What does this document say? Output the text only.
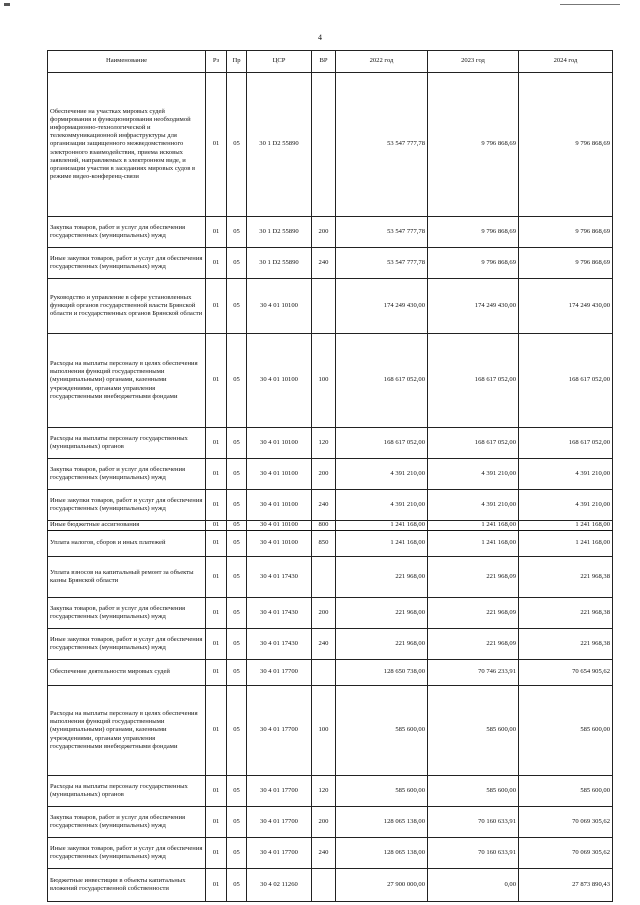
4
Наименование	Рз	Пр	ЦСР	ВР	2022 год	2023 год	2024 год
Обеспечение на участках мировых судей формирования и функционирования необходимой информационно-технологической и телекоммуникационной инфраструктуры для организации защищенного межведомственного электронного взаимодействия, приема исковых заявлений, направляемых в электронном виде, и организации участия в заседаниях мировых судов в режиме видео-конференц-связи	01	05	30 1 D2 55890		53 547 777,78	9 796 868,69	9 796 868,69
Закупка товаров, работ и услуг для обеспечения государственных (муниципальных) нужд	01	05	30 1 D2 55890	200	53 547 777,78	9 796 868,69	9 796 868,69
Иные закупки товаров, работ и услуг для обеспечения государственных (муниципальных) нужд	01	05	30 1 D2 55890	240	53 547 777,78	9 796 868,69	9 796 868,69
Руководство и управление в сфере установленных функций органов государственной власти Брянской области и государственных органов Брянской области	01	05	30 4 01 10100		174 249 430,00	174 249 430,00	174 249 430,00
Расходы на выплаты персоналу в целях обеспечения выполнения функций государственными (муниципальными) органами, казенными учреждениями, органами управления государственными внебюджетными фондами	01	05	30 4 01 10100	100	168 617 052,00	168 617 052,00	168 617 052,00
Расходы на выплаты персоналу государственных (муниципальных) органов	01	05	30 4 01 10100	120	168 617 052,00	168 617 052,00	168 617 052,00
Закупка товаров, работ и услуг для обеспечения государственных (муниципальных) нужд	01	05	30 4 01 10100	200	4 391 210,00	4 391 210,00	4 391 210,00
Иные закупки товаров, работ и услуг для обеспечения государственных (муниципальных) нужд	01	05	30 4 01 10100	240	4 391 210,00	4 391 210,00	4 391 210,00
Иные бюджетные ассигнования	01	05	30 4 01 10100	800	1 241 168,00	1 241 168,00	1 241 168,00
Уплата налогов, сборов и иных платежей	01	05	30 4 01 10100	850	1 241 168,00	1 241 168,00	1 241 168,00
Уплата взносов на капитальный ремонт за объекты казны Брянской области	01	05	30 4 01 17430		221 968,00	221 968,09	221 968,38
Закупка товаров, работ и услуг для обеспечения государственных (муниципальных) нужд	01	05	30 4 01 17430	200	221 968,00	221 968,09	221 968,38
Иные закупки товаров, работ и услуг для обеспечения государственных (муниципальных) нужд	01	05	30 4 01 17430	240	221 968,00	221 968,09	221 968,38
Обеспечение деятельности мировых судей	01	05	30 4 01 17700		128 650 738,00	70 746 233,91	70 654 905,62
Расходы на выплаты персоналу в целях обеспечения выполнения функций государственными (муниципальными) органами, казенными учреждениями, органами управления государственными внебюджетными фондами	01	05	30 4 01 17700	100	585 600,00	585 600,00	585 600,00
Расходы на выплаты персоналу государственных (муниципальных) органов	01	05	30 4 01 17700	120	585 600,00	585 600,00	585 600,00
Закупка товаров, работ и услуг для обеспечения государственных (муниципальных) нужд	01	05	30 4 01 17700	200	128 065 138,00	70 160 633,91	70 069 305,62
Иные закупки товаров, работ и услуг для обеспечения государственных (муниципальных) нужд	01	05	30 4 01 17700	240	128 065 138,00	70 160 633,91	70 069 305,62
Бюджетные инвестиции в объекты капитальных вложений государственной собственности	01	05	30 4 02 11260		27 900 000,00	0,00	27 873 890,43
